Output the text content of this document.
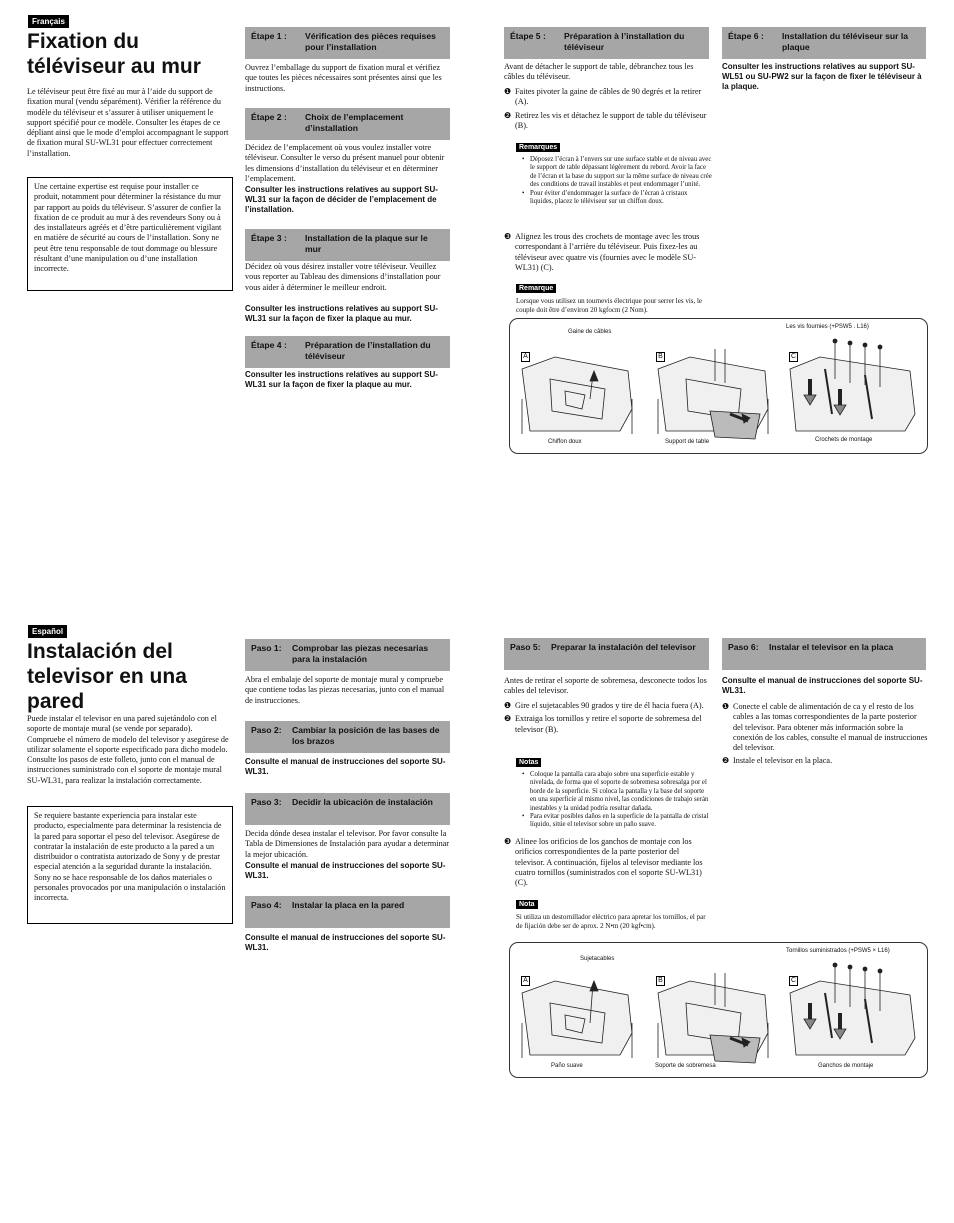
Français
Fixation du
téléviseur au mur

Le téléviseur peut être fixé au mur à l’aide du support de fixation mural (vendu séparément). Vérifier la référence du modèle du téléviseur et s’assurer à utiliser uniquement le support spécifié pour ce modèle. Consulter les étapes de ce dépliant ainsi que le mode d’emploi accompagnant le support de fixation mural SU-WL31 pour effectuer correctement l’installation.

Une certaine expertise est requise pour installer ce produit, notamment pour déterminer la résistance du mur par rapport au poids du téléviseur. S’assurer de confier la fixation de ce produit au mur à des revendeurs Sony ou à des installateurs agréés et d’être particulièrement vigilant en matière de sécurité au cours de l’installation. Sony ne peut être tenu responsable de tout dommage ou blessure résultant d’une manipulation ou d’une installation incorrecte.
Étape 1 :	Vérification des pièces requises pour l’installation

Ouvrez l’emballage du support de fixation mural et vérifiez que toutes les pièces nécessaires sont présentes ainsi que les instructions.

Étape 2 :	Choix de l’emplacement d’installation

Décidez de l’emplacement où vous voulez installer votre téléviseur. Consulter le verso du présent manuel pour obtenir les dimensions d’installation du téléviseur et en déterminer l’emplacement.

Consulter les instructions relatives au support SU-WL31 sur la façon de décider de l’emplacement de l’installation.

Étape 3 :	Installation de la plaque sur le mur

Décidez où vous désirez installer votre téléviseur. Veuillez vous reporter au Tableau des dimensions d’installation pour vous aider à déterminer le meilleur endroit.

Consulter les instructions relatives au support SU-WL31 sur la façon de fixer la plaque au mur.

Étape 4 :	Préparation de l’installation du téléviseur

Consulter les instructions relatives au support SU-WL31 sur la façon de fixer la plaque au mur.

Étape 5 :	Préparation à l’installation du téléviseur

Avant de détacher le support de table, débranchez tous les câbles du téléviseur.

❶ Faites pivoter la gaine de câbles de 90 degrés et la retirer (A).
❷ Retirez les vis et détachez le support de table du téléviseur (B).
Remarques
• Déposez l’écran à l’envers sur une surface stable et de niveau avec le support de table dépassant légèrement du rebord. Avoir la face de l’écran et la base du support sur la même surface de niveau crée des conditions de travail instables et peut endommager l’unité.
• Pour éviter d’endommager la surface de l’écran à cristaux liquides, placez le téléviseur sur un chiffon doux.
❸ Alignez les trous des crochets de montage avec les trous correspondant à l’arrière du téléviseur. Puis fixez-les au téléviseur avec quatre vis (fournies avec le modèle SU-WL31) (C).
Remarque

Lorsque vous utilisez un tournevis électrique pour serrer les vis, le couple doit être d’environ 20 kgfocm (2 Nom).

Étape 6 :	Installation du téléviseur sur la plaque

Consulter les instructions relatives au support SU-WL51 ou SU-PW2 sur la façon de fixer le téléviseur à la plaque.

A	B	C
Gaine de câbles
Les vis fournies (+PSW5 . L16)
Chiffon doux	Support de table	Crochets de montage
Español
Instalación del
televisor en una
pared

Puede instalar el televisor en una pared sujetándolo con el soporte de montaje mural (se vende por separado). Compruebe el número de modelo del televisor y asegúrese de utilizar solamente el soporte especificado para dicho modelo. Consulte los pasos de este folleto, junto con el manual de instrucciones suministrado con el soporte de montaje mural SU-WL31, para realizar la instalación correctamente.

Se requiere bastante experiencia para instalar este producto, especialmente para determinar la resistencia de la pared para soportar el peso del televisor. Asegúrese de contratar la instalación de este producto a la pared a un distribuidor o contratista autorizado de Sony y de prestar especial atención a la seguridad durante la instalación. Sony no se hace responsable de los daños materiales o personales provocados por una manipulación o instalación incorrecta.
Paso 1:	Comprobar las piezas necesarias para la instalación

Abra el embalaje del soporte de montaje mural y compruebe que contiene todas las piezas necesarias, junto con el manual de instrucciones.

Paso 2:	Cambiar la posición de las bases de los brazos

Consulte el manual de instrucciones del soporte SU-WL31.

Paso 3:	Decidir la ubicación de instalación

Decida dónde desea instalar el televisor. Por favor consulte la Tabla de Dimensiones de Instalación para ayudar a determinar la mejor ubicación.

Consulte el manual de instrucciones del soporte SU-WL31.

Paso 4:	Instalar la placa en la pared

Consulte el manual de instrucciones del soporte SU-WL31.

Paso 5:	Preparar la instalación del televisor

Antes de retirar el soporte de sobremesa, desconecte todos los cables del televisor.

❶ Gire el sujetacables 90 grados y tire de él hacia fuera (A).
❷ Extraiga los tornillos y retire el soporte de sobremesa del televisor (B).
Notas
• Coloque la pantalla cara abajo sobre una superficie estable y nivelada, de forma que el soporte de sobremesa sobresalga por el borde de la superficie. Si coloca la pantalla y la base del soporte en una superficie al mismo nivel, las condiciones de trabajo serán inestables y la unidad podría resultar dañada.
• Para evitar posibles daños en la superficie de la pantalla de cristal líquido, sitúe el televisor sobre un paño suave.
❸ Alinee los orificios de los ganchos de montaje con los orificios correspondientes de la parte posterior del televisor. A continuación, fíjelos al televisor mediante los cuatro tornillos (suministrados con el soporte SU-WL31) (C).
Nota

Si utiliza un destornillador eléctrico para apretar los tornillos, el par de fijación debe ser de aprox. 2 N•m (20 kgf•cm).

Paso 6:	Instalar el televisor en la placa

Consulte el manual de instrucciones del soporte SU-WL31.

❶ Conecte el cable de alimentación de ca y el resto de los cables a las tomas correspondientes de la parte posterior del televisor. Para obtener más información sobre la conexión de los cables, consulte el manual de instrucciones del televisor.
❷ Instale el televisor en la placa.
A	B	C
Sujetacables
Tornillos suministrados (+PSW5 × L16)
Paño suave	Soporte de sobremesa	Ganchos de montaje
